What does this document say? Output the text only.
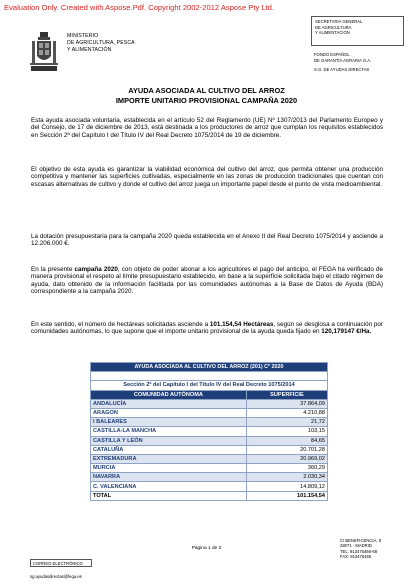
Evaluation Only. Created with Aspose.Pdf. Copyright 2002-2012 Aspose Pty Ltd.
MINISTERIO
DE AGRICULTURA, PESCA
Y ALIMENTACIÓN
SECRETARIA GENERAL
DE AGRICULTURA
Y ALIMENTACIÓN
FONDO ESPAÑOL
DE GARANTÍA AGRARIA O.A.
S.G. DE AYUDAS DIRECTAS
AYUDA ASOCIADA AL CULTIVO DEL ARROZ
IMPORTE UNITARIO PROVISIONAL CAMPAÑA 2020

Esta ayuda asociada voluntaria, establecida en el artículo 52 del Reglamento (UE) Nº 1307/2013 del Parlamento Europeo y del Consejo, de 17 de diciembre de 2013, está destinada a los productores de arroz que cumplan los requisitos establecidos en Sección 2ª del Capítulo I del Título IV del Real Decreto 1075/2014 de 19 de diciembre.

El objetivo de esta ayuda es garantizar la viabilidad económica del cultivo del arroz, que permita obtener una producción competitiva y mantener las superficies cultivadas, especialmente en las zonas de producción tradicionales que cuentan con escasas alternativas de cultivo y donde el cultivo del arroz juega un importante papel desde el punto de vista medioambiental.

La dotación presupuestaria para la campaña 2020 queda establecida en el Anexo II del Real Decreto 1075/2014 y asciende a 12.206.000 €.

En la presente campaña 2020, con objeto de poder abonar a los agricultores el pago del anticipo, el FEGA ha verificado de manera provisional el respeto al límite presupuestario establecido, en base a la superficie solicitada bajo el citado régimen de ayuda, dato obtenido de la información facilitada por las comunidades autónomas a la Base de Datos de Ayuda (BDA) correspondiente a la campaña 2020.

En este sentido, el número de hectáreas solicitadas asciende a 101.154,54 Hectáreas, según se desglosa a continuación por comunidades autónomas, lo que supone que el importe unitario provisional de la ayuda queda fijado en 120,179147 €/Ha.

AYUDA ASOCIADA AL CULTIVO DEL ARROZ (201) Cª 2020	

Sección 2ª del Capítulo I del Título IV del Real Decreto 1075/2014	
COMUNIDAD AUTÓNOMA	SUPERFICIE
ANDALUCÍA	37.864,09
ARAGON	4.210,88
I BALEARES	21,72
CASTILLA-LA MANCHA	103,15
CASTILLA Y LEÓN	84,65
CATALUÑA	20.701,28
EXTREMADURA	20.969,02
MURCIA	360,29
NAVARRA	2.030,34
C. VALENCIANA	14.809,12
TOTAL	101.154,54
Página 1 de 2
C/ BENEFICENCIA, 8
28071 - MADRID
TEL: 913476466-68
FAX: 913476465
CORREO ELECTRÓNICO
sg.ayudasdirectas@fega.es
